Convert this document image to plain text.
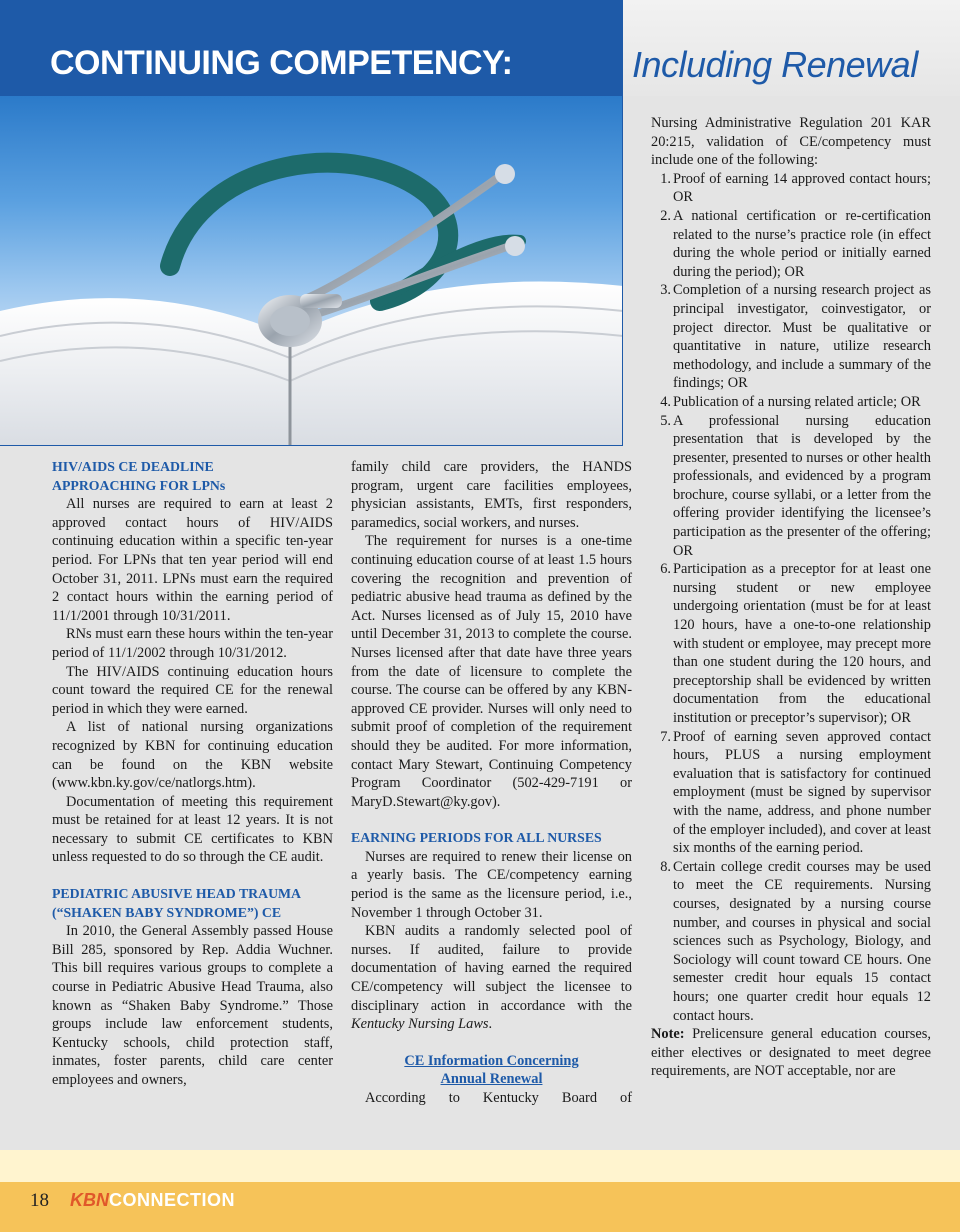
CONTINUING COMPETENCY:	Including Renewal
HIV/AIDS CE DEADLINE
APPROACHING FOR LPNs

All nurses are required to earn at least 2 approved contact hours of HIV/AIDS continuing education within a specific ten-year period. For LPNs that ten year period will end October 31, 2011. LPNs must earn the required 2 contact hours within the earning period of 11/1/2001 through 10/31/2011.

RNs must earn these hours within the ten-year period of 11/1/2002 through 10/31/2012.

The HIV/AIDS continuing education hours count toward the required CE for the renewal period in which they were earned.

A list of national nursing organizations recognized by KBN for continuing education can be found on the KBN website (www.kbn.ky.gov/ce/natlorgs.htm).

Documentation of meeting this requirement must be retained for at least 12 years. It is not necessary to submit CE certificates to KBN unless requested to do so through the CE audit.

PEDIATRIC ABUSIVE HEAD TRAUMA
(“SHAKEN BABY SYNDROME”) CE

In 2010, the General Assembly passed House Bill 285, sponsored by Rep. Addia Wuchner. This bill requires various groups to complete a course in Pediatric Abusive Head Trauma, also known as “Shaken Baby Syndrome.” Those groups include law enforcement students, Kentucky schools, child protection staff, inmates, foster parents, child care center employees and owners,

family child care providers, the HANDS program, urgent care facilities employees, physician assistants, EMTs, first responders, paramedics, social workers, and nurses.

The requirement for nurses is a one-time continuing education course of at least 1.5 hours covering the recognition and prevention of pediatric abusive head trauma as defined by the Act. Nurses licensed as of July 15, 2010 have until December 31, 2013 to complete the course. Nurses licensed after that date have three years from the date of licensure to complete the course. The course can be offered by any KBN-approved CE provider. Nurses will only need to submit proof of completion of the requirement should they be audited. For more information, contact Mary Stewart, Continuing Competency Program Coordinator (502-429-7191 or MaryD.Stewart@ky.gov).

EARNING PERIODS FOR ALL NURSES

Nurses are required to renew their license on a yearly basis. The CE/competency earning period is the same as the licensure period, i.e., November 1 through October 31.

KBN audits a randomly selected pool of nurses. If audited, failure to provide documentation of having earned the required CE/competency will subject the licensee to disciplinary action in accordance with the Kentucky Nursing Laws.

CE Information Concerning
Annual Renewal

According to Kentucky Board of

Nursing Administrative Regulation 201 KAR 20:215, validation of CE/competency must include one of the following:

1. Proof of earning 14 approved contact hours; OR
2. A national certification or re-certification related to the nurse’s practice role (in effect during the whole period or initially earned during the period); OR
3. Completion of a nursing research project as principal investigator, coinvestigator, or project director. Must be qualitative or quantitative in nature, utilize research methodology, and include a summary of the findings; OR
4. Publication of a nursing related article; OR
5. A professional nursing education presentation that is developed by the presenter, presented to nurses or other health professionals, and evidenced by a program brochure, course syllabi, or a letter from the offering provider identifying the licensee’s participation as the presenter of the offering; OR
6. Participation as a preceptor for at least one nursing student or new employee undergoing orientation (must be for at least 120 hours, have a one-to-one relationship with student or employee, may precept more than one student during the 120 hours, and preceptorship shall be evidenced by written documentation from the educational institution or preceptor’s supervisor); OR
7. Proof of earning seven approved contact hours, PLUS a nursing employment evaluation that is satisfactory for continued employment (must be signed by supervisor with the name, address, and phone number of the employer included), and cover at least six months of the earning period.
8. Certain college credit courses may be used to meet the CE requirements. Nursing courses, designated by a nursing course number, and courses in physical and social sciences such as Psychology, Biology, and Sociology will count toward CE hours. One semester credit hour equals 15 contact hours; one quarter credit hour equals 12 contact hours.

Note: Prelicensure general education courses, either electives or designated to meet degree requirements, are NOT acceptable, nor are

18 KBNCONNECTION
